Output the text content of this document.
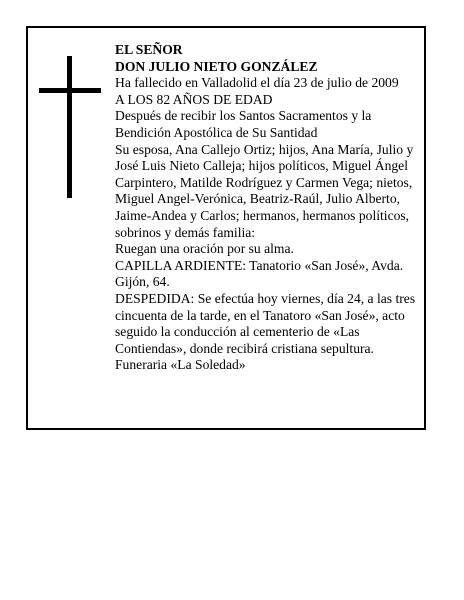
EL SEÑOR

DON JULIO NIETO GONZÁLEZ

Ha fallecido en Valladolid el día 23 de julio de 2009

A LOS 82 AÑOS DE EDAD

Después de recibir los Santos Sacramentos y la Bendición Apostólica de Su Santidad

Su esposa, Ana Callejo Ortiz; hijos, Ana María, Julio y José Luis Nieto Calleja; hijos políticos, Miguel Ángel Carpintero, Matilde Rodríguez y Carmen Vega; nietos, Miguel Angel-Verónica, Beatriz-Raúl, Julio Alberto, Jaime-Andea y Carlos; hermanos, hermanos políticos, sobrinos y demás familia:

Ruegan una oración por su alma.

CAPILLA ARDIENTE: Tanatorio «San José», Avda. Gijón, 64.

DESPEDIDA: Se efectúa hoy viernes, día 24, a las tres cincuenta de la tarde, en el Tanatoro «San José», acto seguido la conducción al cementerio de «Las Contiendas», donde recibirá cristiana sepultura.

Funeraria «La Soledad»
